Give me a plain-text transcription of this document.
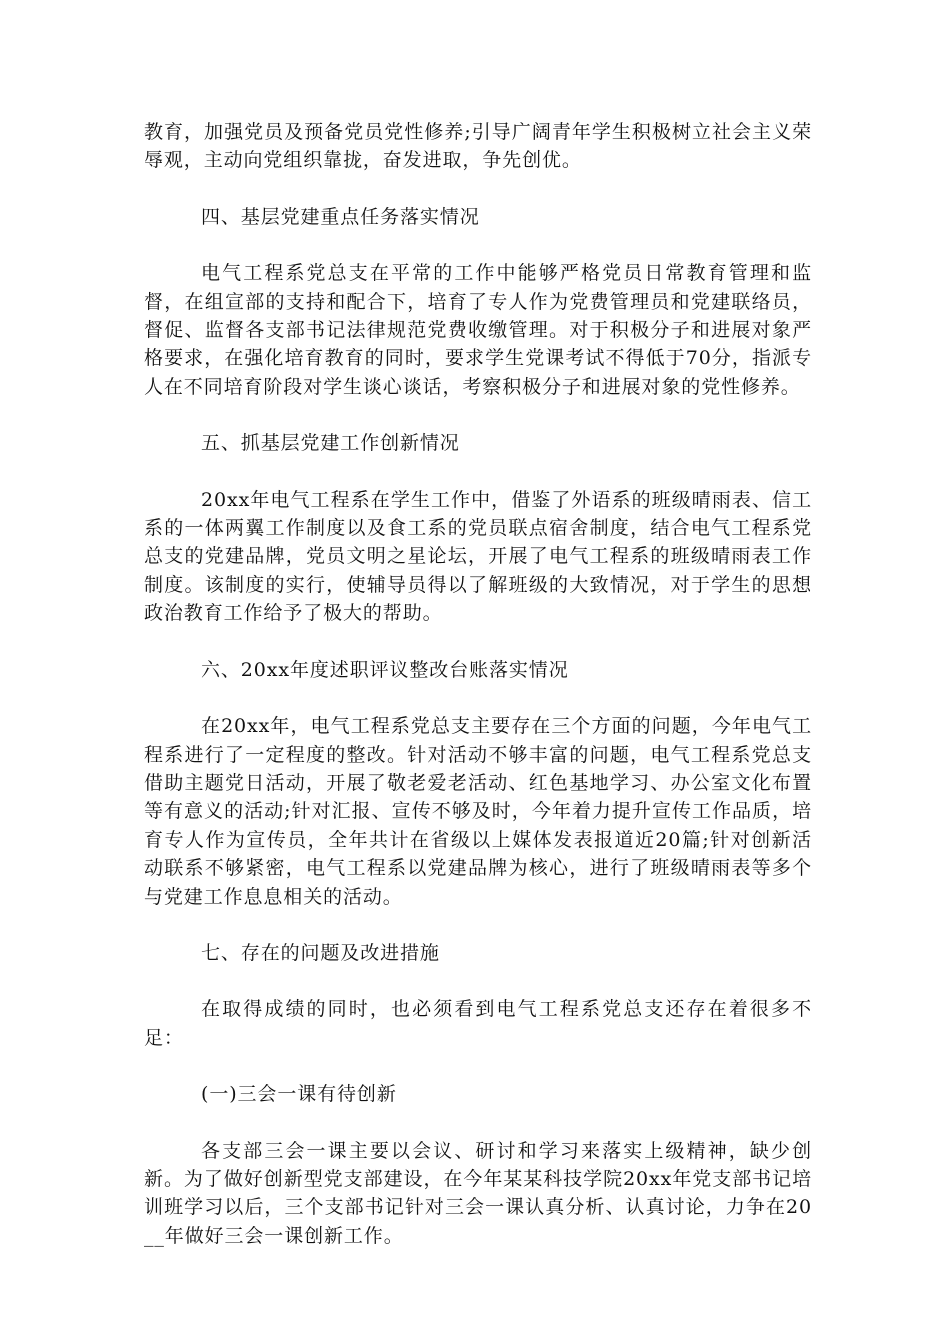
教育，加强党员及预备党员党性修养;引导广阔青年学生积极树立社会主义荣辱观，主动向党组织靠拢，奋发进取，争先创优。

四、基层党建重点任务落实情况

电气工程系党总支在平常的工作中能够严格党员日常教育管理和监督，在组宣部的支持和配合下，培育了专人作为党费管理员和党建联络员，督促、监督各支部书记法律规范党费收缴管理。对于积极分子和进展对象严格要求，在强化培育教育的同时，要求学生党课考试不得低于70分，指派专人在不同培育阶段对学生谈心谈话，考察积极分子和进展对象的党性修养。

五、抓基层党建工作创新情况

20xx年电气工程系在学生工作中，借鉴了外语系的班级晴雨表、信工系的一体两翼工作制度以及食工系的党员联点宿舍制度，结合电气工程系党总支的党建品牌，党员文明之星论坛，开展了电气工程系的班级晴雨表工作制度。该制度的实行，使辅导员得以了解班级的大致情况，对于学生的思想政治教育工作给予了极大的帮助。

六、20xx年度述职评议整改台账落实情况

在20xx年，电气工程系党总支主要存在三个方面的问题，今年电气工程系进行了一定程度的整改。针对活动不够丰富的问题，电气工程系党总支借助主题党日活动，开展了敬老爱老活动、红色基地学习、办公室文化布置等有意义的活动;针对汇报、宣传不够及时，今年着力提升宣传工作品质，培育专人作为宣传员，全年共计在省级以上媒体发表报道近20篇;针对创新活动联系不够紧密，电气工程系以党建品牌为核心，进行了班级晴雨表等多个与党建工作息息相关的活动。

七、存在的问题及改进措施

在取得成绩的同时，也必须看到电气工程系党总支还存在着很多不足：

(一)三会一课有待创新

各支部三会一课主要以会议、研讨和学习来落实上级精神，缺少创新。为了做好创新型党支部建设，在今年某某科技学院20xx年党支部书记培训班学习以后，三个支部书记针对三会一课认真分析、认真讨论，力争在20__年做好三会一课创新工作。
